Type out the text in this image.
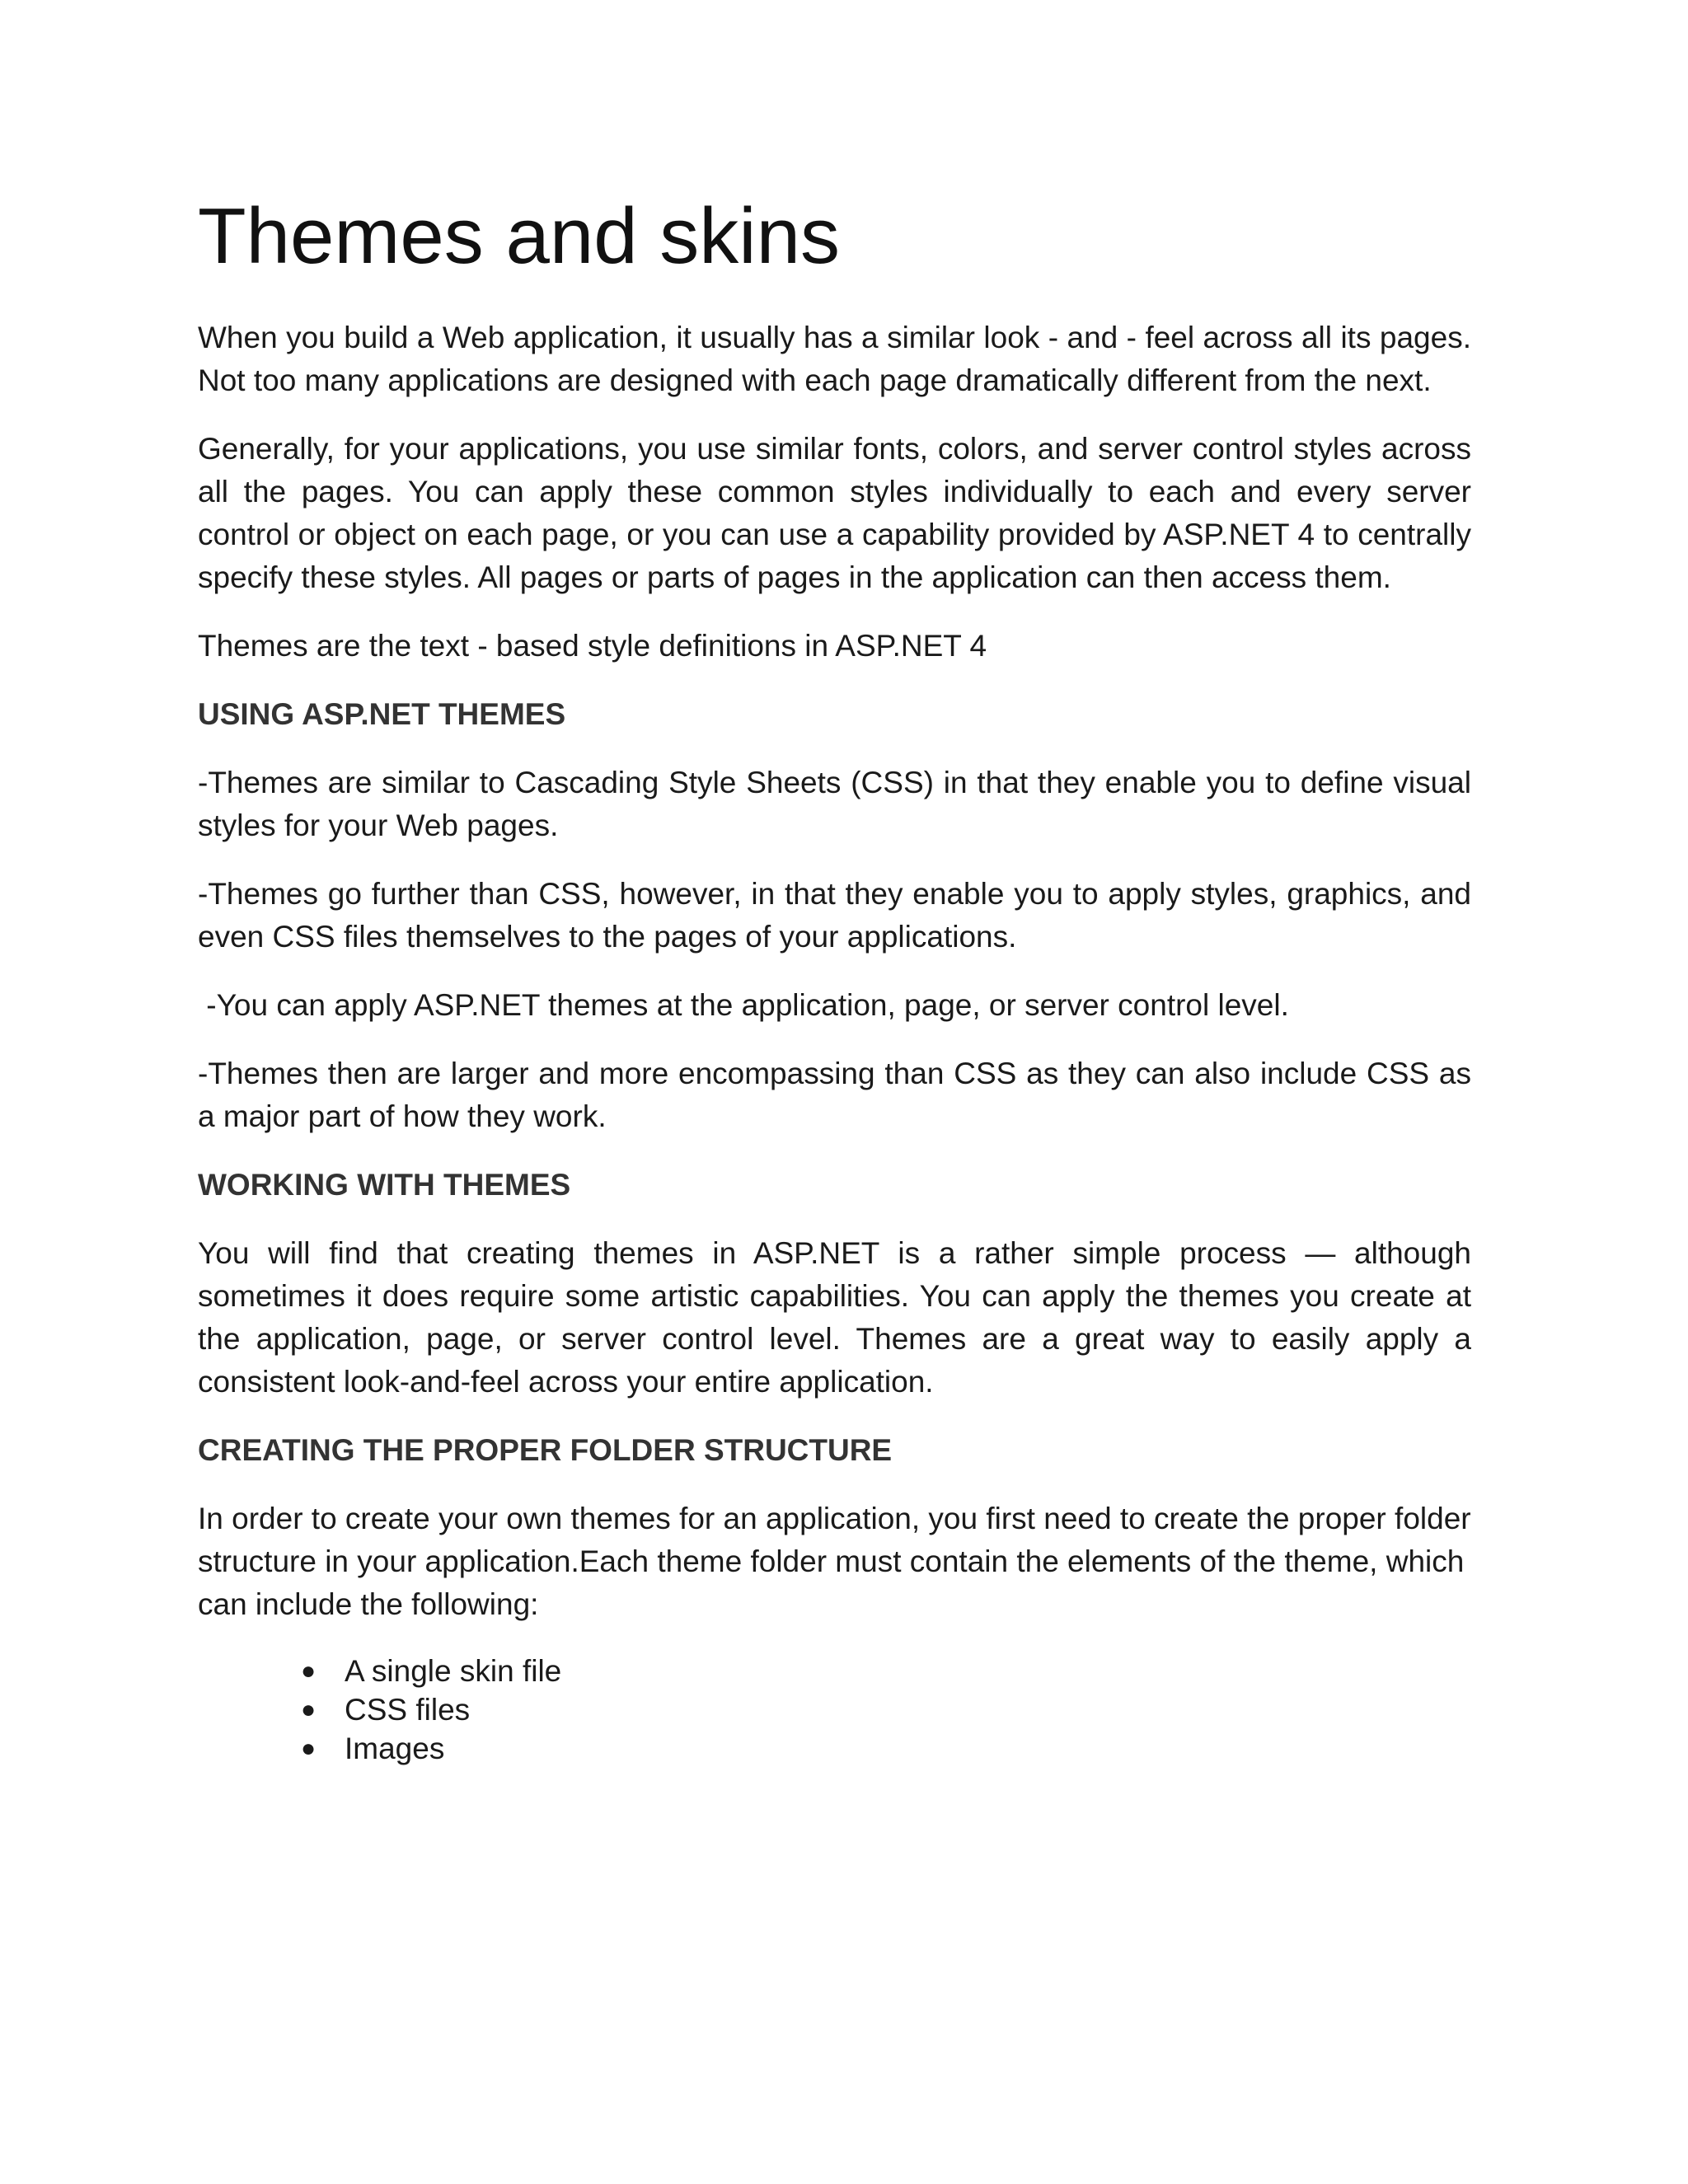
Themes and skins

When you build a Web application, it usually has a similar look - and - feel across all its pages. Not too many applications are designed with each page dramatically different from the next.

Generally, for your applications, you use similar fonts, colors, and server control styles across all the pages. You can apply these common styles individually to each and every server control or object on each page, or you can use a capability provided by ASP.NET 4 to centrally specify these styles. All pages or parts of pages in the application can then access them.

Themes are the text - based style definitions in ASP.NET 4

USING ASP.NET THEMES

-Themes are similar to Cascading Style Sheets (CSS) in that they enable you to define visual styles for your Web pages.

-Themes go further than CSS, however, in that they enable you to apply styles, graphics, and even CSS files themselves to the pages of your applications.

-You can apply ASP.NET themes at the application, page, or server control level.

-Themes then are larger and more encompassing than CSS as they can also include CSS as a major part of how they work.

WORKING WITH THEMES

You will find that creating themes in ASP.NET is a rather simple process — although sometimes it does require some artistic capabilities. You can apply the themes you create at the application, page, or server control level. Themes are a great way to easily apply a consistent look-and-feel across your entire application.

CREATING THE PROPER FOLDER STRUCTURE

In order to create your own themes for an application, you first need to create the proper folder structure in your application.Each theme folder must contain the elements of the theme, which can include the following:

● A single skin file
● CSS files
● Images
